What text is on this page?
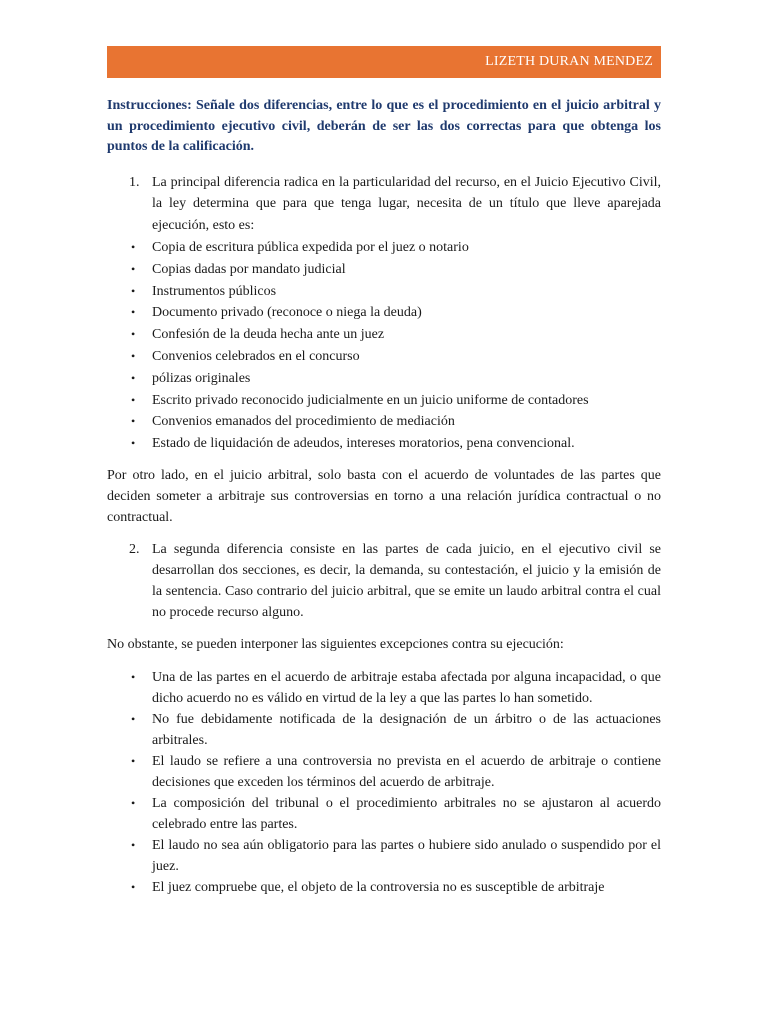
LIZETH DURAN MENDEZ
Instrucciones: Señale dos diferencias, entre lo que es el procedimiento en el juicio arbitral y un procedimiento ejecutivo civil, deberán de ser las dos correctas para que obtenga los puntos de la calificación.
1. La principal diferencia radica en la particularidad del recurso, en el Juicio Ejecutivo Civil, la ley determina que para que tenga lugar, necesita de un título que lleve aparejada ejecución, esto es:
•	Copia de escritura pública expedida por el juez o notario
•	Copias dadas por mandato judicial
•	Instrumentos públicos
•	Documento privado (reconoce o niega la deuda)
•	Confesión de la deuda hecha ante un juez
•	Convenios celebrados en el concurso
•	pólizas originales
•	Escrito privado reconocido judicialmente en un juicio uniforme de contadores
•	Convenios emanados del procedimiento de mediación
•	Estado de liquidación de adeudos, intereses moratorios, pena convencional.
Por otro lado, en el juicio arbitral, solo basta con el acuerdo de voluntades de las partes que deciden someter a arbitraje sus controversias en torno a una relación jurídica contractual o no contractual.
2. La segunda diferencia consiste en las partes de cada juicio, en el ejecutivo civil se desarrollan dos secciones, es decir, la demanda, su contestación, el juicio y la emisión de la sentencia. Caso contrario del juicio arbitral, que se emite un laudo arbitral contra el cual no procede recurso alguno.
No obstante, se pueden interponer las siguientes excepciones contra su ejecución:
•	Una de las partes en el acuerdo de arbitraje estaba afectada por alguna incapacidad, o que dicho acuerdo no es válido en virtud de la ley a que las partes lo han sometido.
•	No fue debidamente notificada de la designación de un árbitro o de las actuaciones arbitrales.
•	El laudo se refiere a una controversia no prevista en el acuerdo de arbitraje o contiene decisiones que exceden los términos del acuerdo de arbitraje.
•	La composición del tribunal o el procedimiento arbitrales no se ajustaron al acuerdo celebrado entre las partes.
•	El laudo no sea aún obligatorio para las partes o hubiere sido anulado o suspendido por el juez.
•	El juez compruebe que, el objeto de la controversia no es susceptible de arbitraje
